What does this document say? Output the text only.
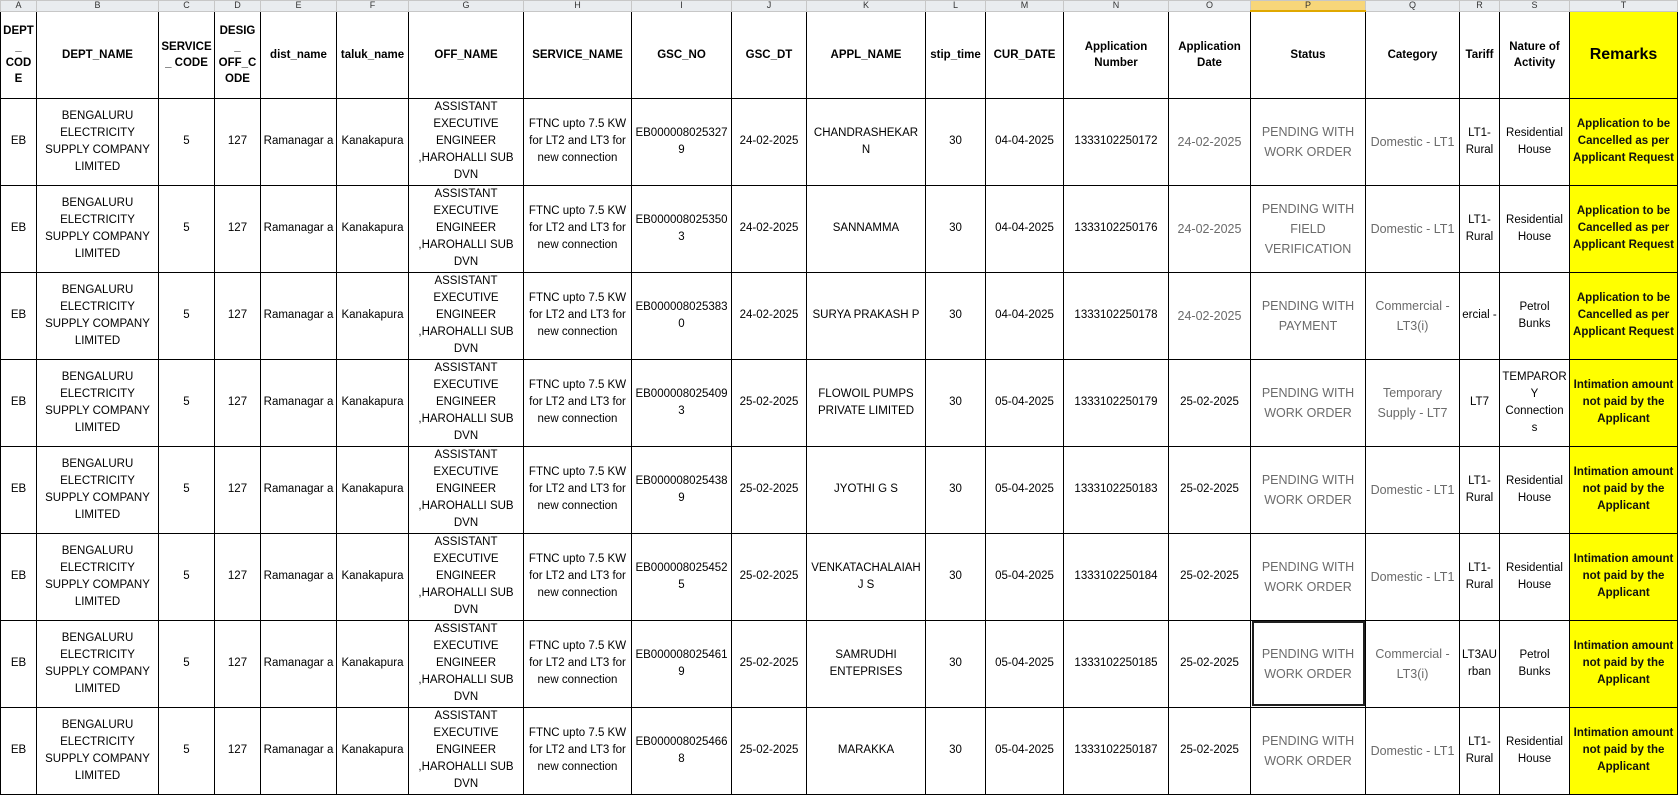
A	B	C	D	E	F	G	H	I	J	K	L	M	N	O	P	Q	R	S	T
DEPT_ CODE	DEPT_NAME	SERVICE_ CODE	DESIG_ OFF_C ODE	dist_name	taluk_name	OFF_NAME	SERVICE_NAME	GSC_NO	GSC_DT	APPL_NAME	stip_time	CUR_DATE	Application Number	Application Date	Status	Category	Tariff	Nature of Activity	Remarks
EB	BENGALURU ELECTRICITY SUPPLY COMPANY LIMITED	5	127	Ramanagar a	Kanakapura	ASSISTANT EXECUTIVE ENGINEER ,HAROHALLI SUB DVN	FTNC upto 7.5 KW for LT2 and LT3 for new connection	EB000008025327 9	24-02-2025	CHANDRASHEKAR N	30	04-04-2025	1333102250172	24-02-2025	PENDING WITH WORK ORDER	Domestic - LT1	LT1- Rural	Residential House	Application to be Cancelled as per Applicant Request
EB	BENGALURU ELECTRICITY SUPPLY COMPANY LIMITED	5	127	Ramanagar a	Kanakapura	ASSISTANT EXECUTIVE ENGINEER ,HAROHALLI SUB DVN	FTNC upto 7.5 KW for LT2 and LT3 for new connection	EB000008025350 3	24-02-2025	SANNAMMA	30	04-04-2025	1333102250176	24-02-2025	PENDING WITH FIELD VERIFICATION	Domestic - LT1	LT1- Rural	Residential House	Application to be Cancelled as per Applicant Request
EB	BENGALURU ELECTRICITY SUPPLY COMPANY LIMITED	5	127	Ramanagar a	Kanakapura	ASSISTANT EXECUTIVE ENGINEER ,HAROHALLI SUB DVN	FTNC upto 7.5 KW for LT2 and LT3 for new connection	EB000008025383 0	24-02-2025	SURYA PRAKASH P	30	04-04-2025	1333102250178	24-02-2025	PENDING WITH PAYMENT	Commercial - LT3(i)	ercial -	Petrol Bunks	Application to be Cancelled as per Applicant Request
EB	BENGALURU ELECTRICITY SUPPLY COMPANY LIMITED	5	127	Ramanagar a	Kanakapura	ASSISTANT EXECUTIVE ENGINEER ,HAROHALLI SUB DVN	FTNC upto 7.5 KW for LT2 and LT3 for new connection	EB000008025409 3	25-02-2025	FLOWOIL PUMPS PRIVATE LIMITED	30	05-04-2025	1333102250179	25-02-2025	PENDING WITH WORK ORDER	Temporary Supply - LT7	LT7	TEMPAROR Y Connection s	Intimation amount not paid by the Applicant
EB	BENGALURU ELECTRICITY SUPPLY COMPANY LIMITED	5	127	Ramanagar a	Kanakapura	ASSISTANT EXECUTIVE ENGINEER ,HAROHALLI SUB DVN	FTNC upto 7.5 KW for LT2 and LT3 for new connection	EB000008025438 9	25-02-2025	JYOTHI G S	30	05-04-2025	1333102250183	25-02-2025	PENDING WITH WORK ORDER	Domestic - LT1	LT1- Rural	Residential House	Intimation amount not paid by the Applicant
EB	BENGALURU ELECTRICITY SUPPLY COMPANY LIMITED	5	127	Ramanagar a	Kanakapura	ASSISTANT EXECUTIVE ENGINEER ,HAROHALLI SUB DVN	FTNC upto 7.5 KW for LT2 and LT3 for new connection	EB000008025452 5	25-02-2025	VENKATACHALAIAH J S	30	05-04-2025	1333102250184	25-02-2025	PENDING WITH WORK ORDER	Domestic - LT1	LT1- Rural	Residential House	Intimation amount not paid by the Applicant
EB	BENGALURU ELECTRICITY SUPPLY COMPANY LIMITED	5	127	Ramanagar a	Kanakapura	ASSISTANT EXECUTIVE ENGINEER ,HAROHALLI SUB DVN	FTNC upto 7.5 KW for LT2 and LT3 for new connection	EB000008025461 9	25-02-2025	SAMRUDHI ENTEPRISES	30	05-04-2025	1333102250185	25-02-2025	PENDING WITH WORK ORDER	Commercial - LT3(i)	LT3AU rban	Petrol Bunks	Intimation amount not paid by the Applicant
EB	BENGALURU ELECTRICITY SUPPLY COMPANY LIMITED	5	127	Ramanagar a	Kanakapura	ASSISTANT EXECUTIVE ENGINEER ,HAROHALLI SUB DVN	FTNC upto 7.5 KW for LT2 and LT3 for new connection	EB000008025466 8	25-02-2025	MARAKKA	30	05-04-2025	1333102250187	25-02-2025	PENDING WITH WORK ORDER	Domestic - LT1	LT1- Rural	Residential House	Intimation amount not paid by the Applicant
